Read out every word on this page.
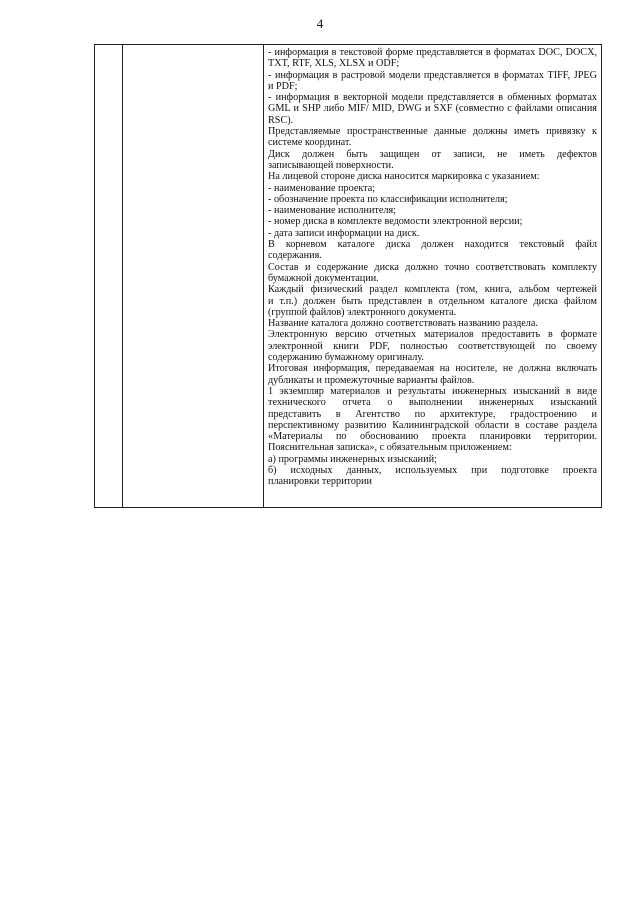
4
- информация в текстовой форме представляется в форматах DOC, DOCX,
TXT, RTF, XLS, XLSX и ODF;
- информация в растровой модели представляется в форматах TIFF, JPEG
и PDF;
- информация в векторной модели представляется в обменных форматах
GML и SHP либо MIF/ MID, DWG и SXF (совместно с файлами описания
RSC).
Представляемые пространственные данные должны иметь привязку к
системе координат.
Диск должен быть защищен от записи, не иметь дефектов
записывающей поверхности.
На лицевой стороне диска наносится маркировка с указанием:
- наименование проекта;
- обозначение проекта по классификации исполнителя;
- наименование исполнителя;
- номер диска в комплекте ведомости электронной версии;
- дата записи информации на диск.
В корневом каталоге диска должен находится текстовый файл
содержания.
Состав и содержание диска должно точно соответствовать комплекту
бумажной документации.
Каждый физический раздел комплекта (том, книга, альбом чертежей
и т.п.) должен быть представлен в отдельном каталоге диска файлом
(группой файлов) электронного документа.
Название каталога должно соответствовать названию раздела.
Электронную версию отчетных материалов предоставить в формате
электронной книги PDF, полностью соответствующей по своему
содержанию бумажному оригиналу.
Итоговая информация, передаваемая на носителе, не должна включать
дубликаты и промежуточные варианты файлов.
1 экземпляр материалов и результаты инженерных изысканий в виде
технического отчета о выполнении инженерных изысканий
представить в Агентство по архитектуре, градостроению и
перспективному развитию Калининградской области в составе раздела
«Материалы по обоснованию проекта планировки территории.
Пояснительная записка», с обязательным приложением:
а) программы инженерных изысканий;
б) исходных данных, используемых при подготовке проекта
планировки территории
